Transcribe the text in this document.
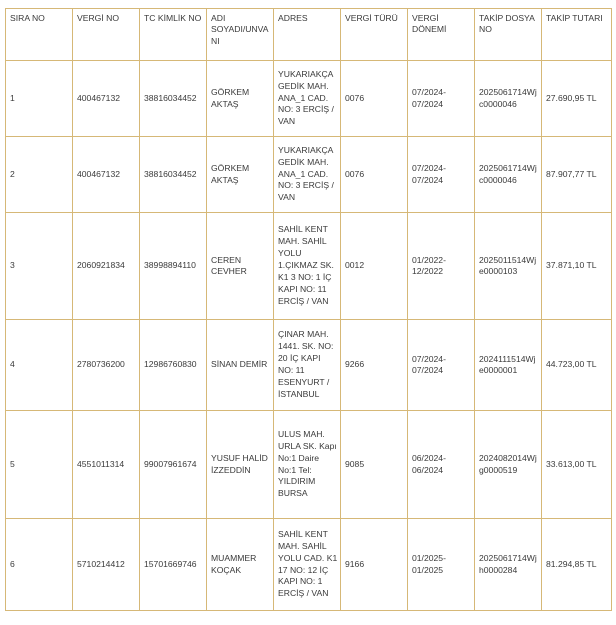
SIRA NO	VERGİ NO	TC KİMLİK NO	ADI SOYADI/UNVANI	ADRES	VERGİ TÜRÜ	VERGİ DÖNEMİ	TAKİP DOSYA NO	TAKİP TUTARI
1	400467132	38816034452	GÖRKEM AKTAŞ	YUKARIAKÇA GEDİK MAH. ANA_1 CAD. NO: 3 ERCİŞ / VAN	0076	07/2024-07/2024	2025061714Wjc0000046	27.690,95 TL
2	400467132	38816034452	GÖRKEM AKTAŞ	YUKARIAKÇA GEDİK MAH. ANA_1 CAD. NO: 3 ERCİŞ / VAN	0076	07/2024-07/2024	2025061714Wjc0000046	87.907,77 TL
3	2060921834	38998894110	CEREN CEVHER	SAHİL KENT MAH. SAHİL YOLU 1.ÇIKMAZ SK. K1 3 NO: 1 İÇ KAPI NO: 11 ERCİŞ / VAN	0012	01/2022-12/2022	2025011514Wje0000103	37.871,10 TL
4	2780736200	12986760830	SİNAN DEMİR	ÇINAR MAH. 1441. SK. NO: 20 İÇ KAPI NO: 11 ESENYURT / İSTANBUL	9266	07/2024-07/2024	2024111514Wje0000001	44.723,00 TL
5	4551011314	99007961674	YUSUF HALİD İZZEDDİN	ULUS MAH. URLA SK. Kapı No:1 Daire No:1 Tel: YILDIRIM BURSA	9085	06/2024-06/2024	2024082014Wjg0000519	33.613,00 TL
6	5710214412	15701669746	MUAMMER KOÇAK	SAHİL KENT MAH. SAHİL YOLU CAD. K1 17 NO: 12 İÇ KAPI NO: 1 ERCİŞ / VAN	9166	01/2025-01/2025	2025061714Wjh0000284	81.294,85 TL
